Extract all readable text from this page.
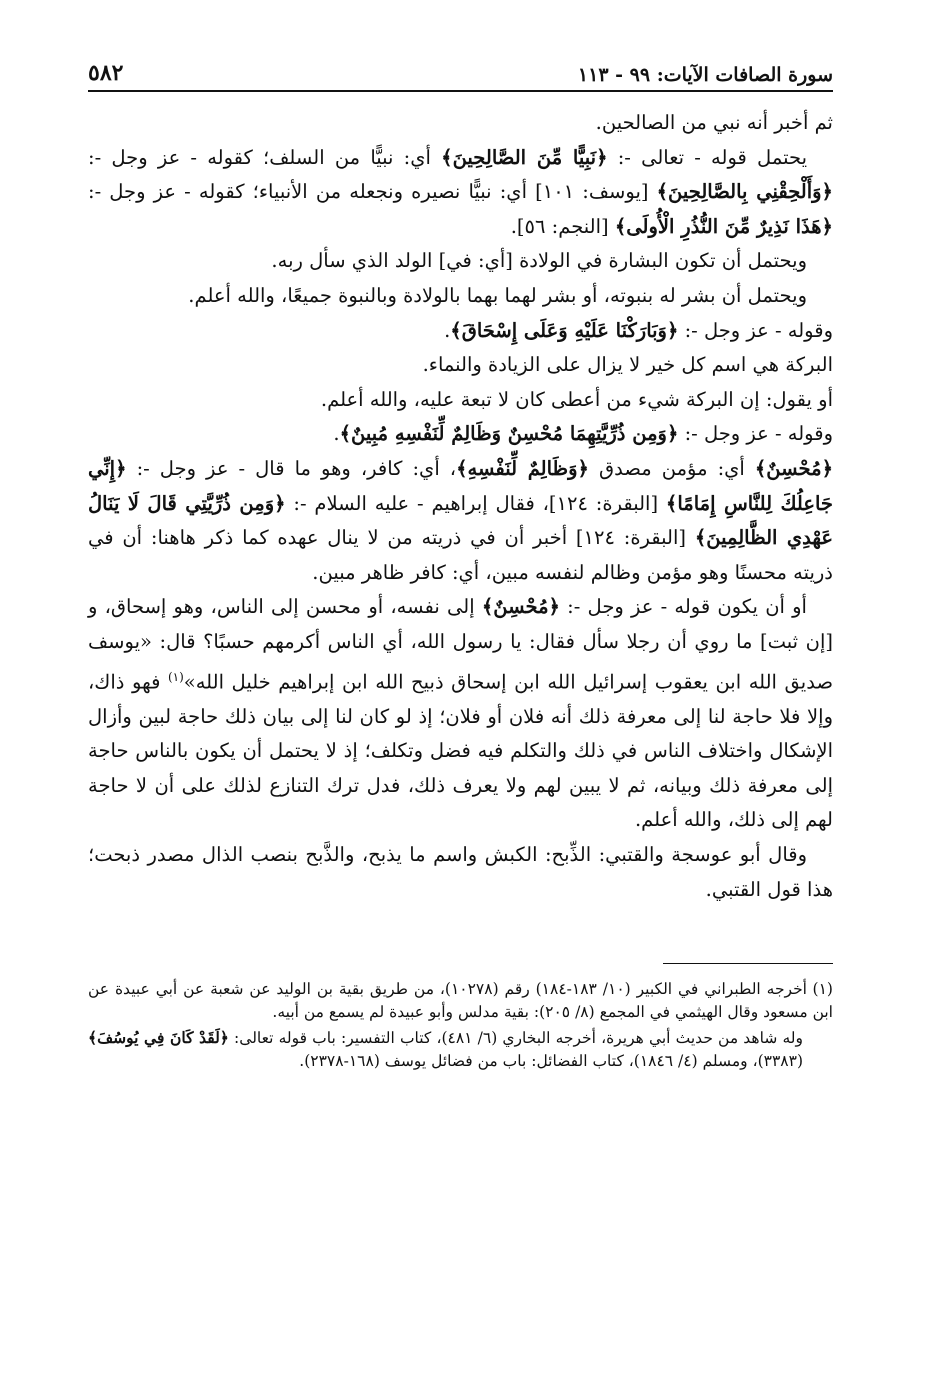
سورة الصافات الآيات: ٩٩ - ١١٣
٥٨٢

ثم أخبر أنه نبي من الصالحين.

يحتمل قوله - تعالى -: ﴿نَبِيًّا مِّنَ الصَّالِحِينَ﴾ أي: نبيًّا من السلف؛ كقوله - عز وجل -: ﴿وَأَلْحِقْنِي بِالصَّالِحِينَ﴾ [يوسف: ١٠١] أي: نبيًّا نصيره ونجعله من الأنبياء؛ كقوله - عز وجل -: ﴿هَذَا نَذِيرٌ مِّنَ النُّذُرِ الْأُولَى﴾ [النجم: ٥٦].

ويحتمل أن تكون البشارة في الولادة [أي: في] الولد الذي سأل ربه.

ويحتمل أن بشر له بنبوته، أو بشر لهما بهما بالولادة وبالنبوة جميعًا، والله أعلم.

وقوله - عز وجل -: ﴿وَبَارَكْنَا عَلَيْهِ وَعَلَى إِسْحَاقَ﴾.

البركة هي اسم كل خير لا يزال على الزيادة والنماء.

أو يقول: إن البركة شيء من أعطى كان لا تبعة عليه، والله أعلم.

وقوله - عز وجل -: ﴿وَمِن ذُرِّيَّتِهِمَا مُحْسِنٌ وَظَالِمٌ لِّنَفْسِهِ مُبِينٌ﴾.

﴿مُحْسِنٌ﴾ أي: مؤمن مصدق ﴿وَظَالِمٌ لِّنَفْسِهِ﴾، أي: كافر، وهو ما قال - عز وجل -: ﴿إِنِّي جَاعِلُكَ لِلنَّاسِ إِمَامًا﴾ [البقرة: ١٢٤]، فقال إبراهيم - عليه السلام -: ﴿وَمِن ذُرِّيَّتِي قَالَ لَا يَنَالُ عَهْدِي الظَّالِمِينَ﴾ [البقرة: ١٢٤] أخبر أن في ذريته من لا ينال عهده كما ذكر هاهنا: أن في ذريته محسنًا وهو مؤمن وظالم لنفسه مبين، أي: كافر ظاهر مبين.

أو أن يكون قوله - عز وجل -: ﴿مُحْسِنٌ﴾ إلى نفسه، أو محسن إلى الناس، وهو إسحاق، و [إن ثبت] ما روي أن رجلا سأل فقال: يا رسول الله، أي الناس أكرمهم حسبًا؟ قال: «يوسف صديق الله ابن يعقوب إسرائيل الله ابن إسحاق ذبيح الله ابن إبراهيم خليل الله»$^{(١)}$ فهو ذاك، وإلا فلا حاجة لنا إلى معرفة ذلك أنه فلان أو فلان؛ إذ لو كان لنا إلى بيان ذلك حاجة لبين وأزال الإشكال واختلاف الناس في ذلك والتكلم فيه فضل وتكلف؛ إذ لا يحتمل أن يكون بالناس حاجة إلى معرفة ذلك وبيانه، ثم لا يبين لهم ولا يعرف ذلك، فدل ترك التنازع لذلك على أن لا حاجة لهم إلى ذلك، والله أعلم.

وقال أبو عوسجة والقتبي: الذِّبح: الكبش واسم ما يذبح، والذَّبح بنصب الذال مصدر ذبحت؛ هذا قول القتبي.

(١)أخرجه الطبراني في الكبير (١٠/ ١٨٣-١٨٤) رقم (١٠٢٧٨)، من طريق بقية بن الوليد عن شعبة عن أبي عبيدة عن ابن مسعود وقال الهيثمي في المجمع (٨/ ٢٠٥): بقية مدلس وأبو عبيدة لم يسمع من أبيه.

وله شاهد من حديث أبي هريرة، أخرجه البخاري (٦/ ٤٨١)، كتاب التفسير: باب قوله تعالى: ﴿لَقَدْ كَانَ فِي يُوسُفَ﴾ (٣٣٨٣)، ومسلم (٤/ ١٨٤٦)، كتاب الفضائل: باب من فضائل يوسف (١٦٨-٢٣٧٨).
